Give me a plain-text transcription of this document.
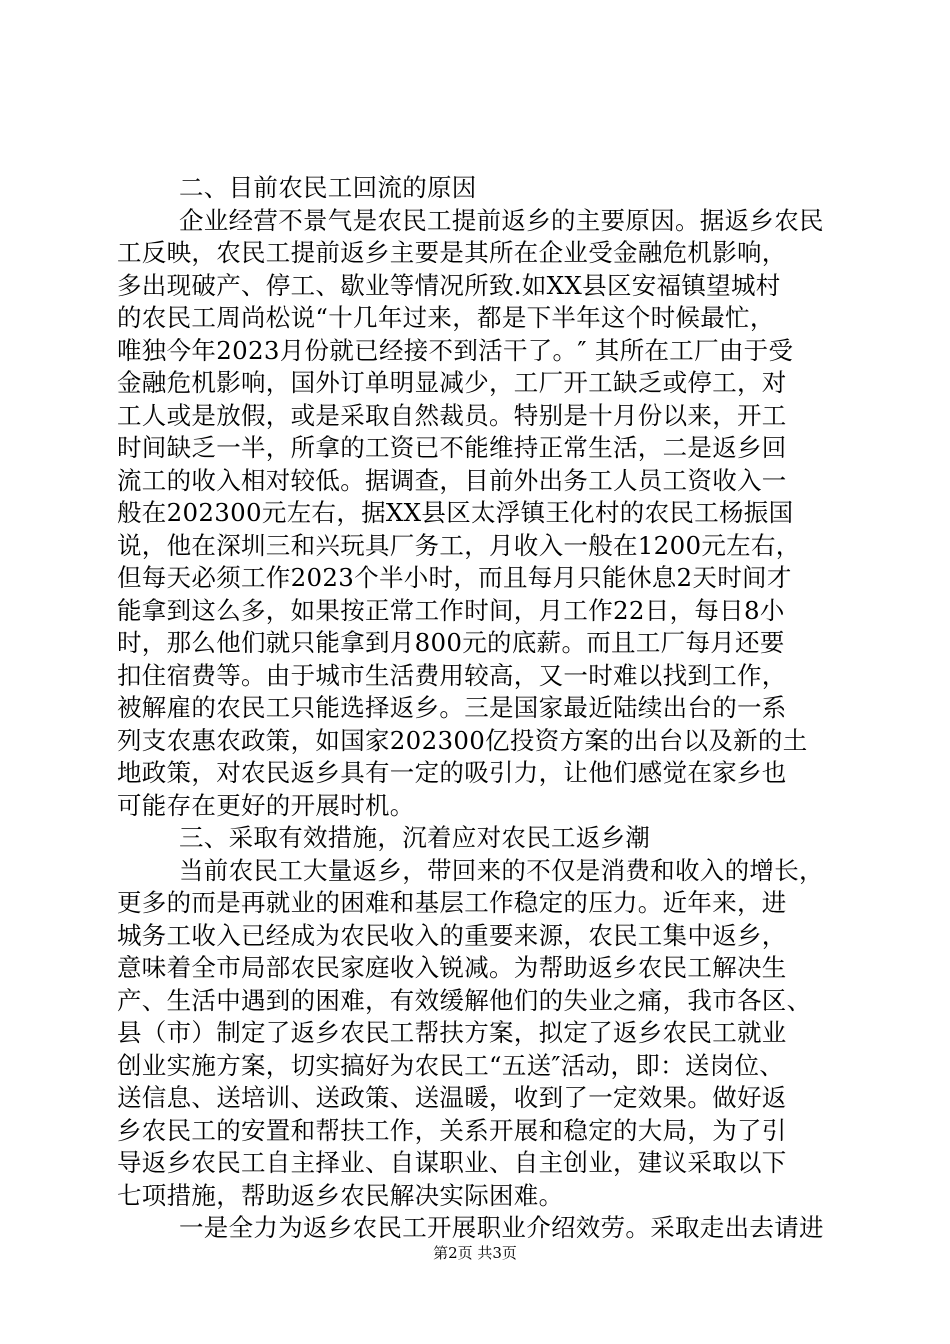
二、目前农民工回流的原因
企业经营不景气是农民工提前返乡的主要原因。据返乡农民
工反映，农民工提前返乡主要是其所在企业受金融危机影响，
多出现破产、停工、歇业等情况所致.如XX县区安福镇望城村
的农民工周尚松说“十几年过来，都是下半年这个时候最忙，
唯独今年2023月份就已经接不到活干了。″ 其所在工厂由于受
金融危机影响，国外订单明显减少，工厂开工缺乏或停工，对
工人或是放假，或是采取自然裁员。特别是十月份以来，开工
时间缺乏一半，所拿的工资已不能维持正常生活，二是返乡回
流工的收入相对较低。据调查，目前外出务工人员工资收入一
般在202300元左右，据XX县区太浮镇王化村的农民工杨振国
说，他在深圳三和兴玩具厂务工，月收入一般在1200元左右，
但每天必须工作2023个半小时，而且每月只能休息2天时间才
能拿到这么多，如果按正常工作时间，月工作22日，每日8小
时，那么他们就只能拿到月800元的底薪。而且工厂每月还要
扣住宿费等。由于城市生活费用较高，又一时难以找到工作，
被解雇的农民工只能选择返乡。三是国家最近陆续出台的一系
列支农惠农政策，如国家202300亿投资方案的出台以及新的土
地政策，对农民返乡具有一定的吸引力，让他们感觉在家乡也
可能存在更好的开展时机。
三、采取有效措施，沉着应对农民工返乡潮
当前农民工大量返乡，带回来的不仅是消费和收入的增长，
更多的而是再就业的困难和基层工作稳定的压力。近年来，进
城务工收入已经成为农民收入的重要来源，农民工集中返乡，
意味着全市局部农民家庭收入锐减。为帮助返乡农民工解决生
产、生活中遇到的困难，有效缓解他们的失业之痛，我市各区、
县（市）制定了返乡农民工帮扶方案，拟定了返乡农民工就业
创业实施方案，切实搞好为农民工“五送″活动，即：送岗位、
送信息、送培训、送政策、送温暖，收到了一定效果。做好返
乡农民工的安置和帮扶工作，关系开展和稳定的大局，为了引
导返乡农民工自主择业、自谋职业、自主创业，建议采取以下
七项措施，帮助返乡农民解决实际困难。
一是全力为返乡农民工开展职业介绍效劳。采取走出去请进
第2页 共3页
